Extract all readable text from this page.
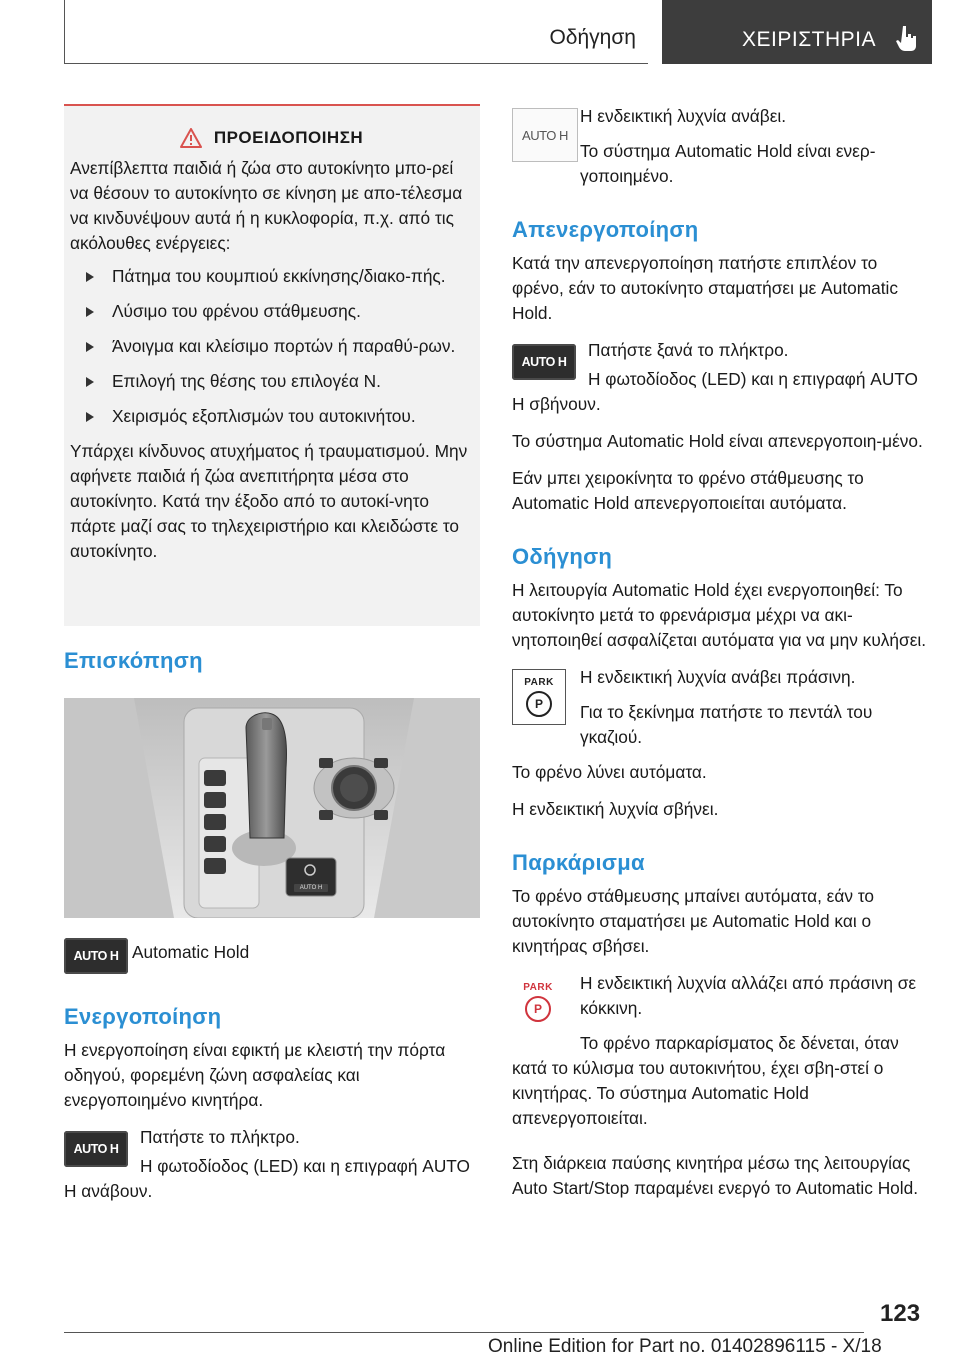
Οδήγηση	ΧΕΙΡΙΣΤΗΡΙΑ
ΠΡΟΕΙΔΟΠΟΙΗΣΗ

Ανεπίβλεπτα παιδιά ή ζώα στο αυτοκίνητο μπο-ρεί να θέσουν το αυτοκίνητο σε κίνηση με απο-τέλεσμα να κινδυνέψουν αυτά ή η κυκλοφορία, π.χ. από τις ακόλουθες ενέργειες:

Πάτημα του κουμπιού εκκίνησης/διακο-πής.
Λύσιμο του φρένου στάθμευσης.
Άνοιγμα και κλείσιμο πορτών ή παραθύ-ρων.
Επιλογή της θέσης του επιλογέα N.
Χειρισμός εξοπλισμών του αυτοκινήτου.

Υπάρχει κίνδυνος ατυχήματος ή τραυματισμού. Μην αφήνετε παιδιά ή ζώα ανεπιτήρητα μέσα στο αυτοκίνητο. Κατά την έξοδο από το αυτοκί-νητο πάρτε μαζί σας το τηλεχειριστήριο και κλειδώστε το αυτοκίνητο.

Επισκόπηση
AUTO H
AUTO H Automatic Hold

Ενεργοποίηση

Η ενεργοποίηση είναι εφικτή με κλειστή την πόρτα οδηγού, φορεμένη ζώνη ασφαλείας και ενεργοποιημένο κινητήρα.

AUTO H

Πατήστε το πλήκτρο.

Η φωτοδίοδος (LED) και η επιγραφή AUTO H ανάβουν.

AUTO H

Η ενδεικτική λυχνία ανάβει.

Το σύστημα Automatic Hold είναι ενερ-γοποιημένο.

Απενεργοποίηση

Κατά την απενεργοποίηση πατήστε επιπλέον το φρένο, εάν το αυτοκίνητο σταματήσει με Automatic Hold.

AUTO H

Πατήστε ξανά το πλήκτρο.

Η φωτοδίοδος (LED) και η επιγραφή AUTO H σβήνουν.

Το σύστημα Automatic Hold είναι απενεργοποιη-μένο.

Εάν μπει χειροκίνητα το φρένο στάθμευσης το Automatic Hold απενεργοποιείται αυτόματα.

Οδήγηση

Η λειτουργία Automatic Hold έχει ενεργοποιηθεί: Το αυτοκίνητο μετά το φρενάρισμα μέχρι να ακι-νητοποιηθεί ασφαλίζεται αυτόματα για να μην κυλήσει.

PARK
P

Η ενδεικτική λυχνία ανάβει πράσινη.

Για το ξεκίνημα πατήστε το πεντάλ του γκαζιού.

Το φρένο λύνει αυτόματα.

Η ενδεικτική λυχνία σβήνει.

Παρκάρισμα

Το φρένο στάθμευσης μπαίνει αυτόματα, εάν το αυτοκίνητο σταματήσει με Automatic Hold και ο κινητήρας σβήσει.

PARK
P

Η ενδεικτική λυχνία αλλάζει από πράσινη σε κόκκινη.

Το φρένο παρκαρίσματος δε δένεται, όταν κατά το κύλισμα του αυτοκινήτου, έχει σβη-στεί ο κινητήρας. Το σύστημα Automatic Hold απενεργοποιείται.

Στη διάρκεια παύσης κινητήρα μέσω της λειτουργίας Auto Start/Stop παραμένει ενεργό το Automatic Hold.

123
Online Edition for Part no. 01402896115 - X/18
